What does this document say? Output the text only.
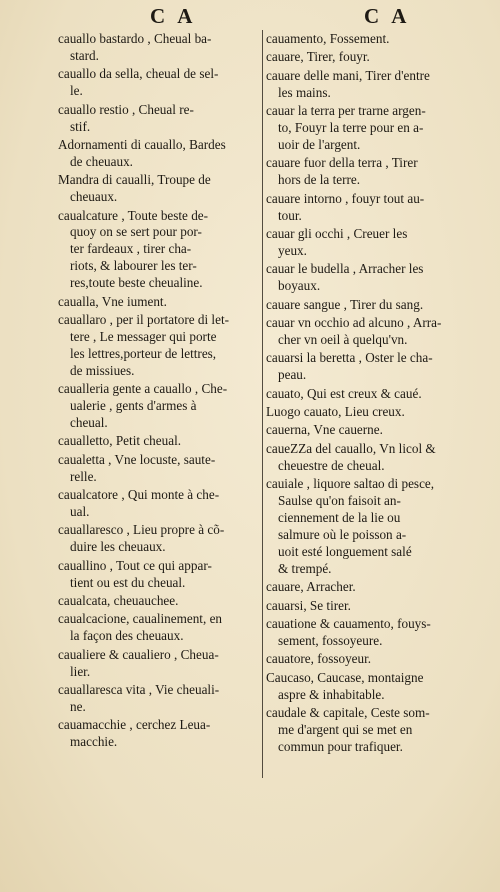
C A	C A
cauallo bastardo , Cheual ba-
stard.
cauallo da sella, cheual de sel-
le.
cauallo restio , Cheual re-
stif.
Adornamenti di cauallo, Bardes
de cheuaux.
Mandra di caualli, Troupe de
cheuaux.
caualcature , Toute beste de-
quoy on se sert pour por-
ter fardeaux , tirer cha-
riots, & labourer les ter-
res,toute beste cheualine.
caualla, Vne iument.
cauallaro , per il portatore di let-
tere , Le messager qui porte
les lettres,porteur de lettres,
de missiues.
caualleria gente a cauallo , Che-
ualerie , gents d'armes à
cheual.
caualletto, Petit cheual.
caualetta , Vne locuste, saute-
relle.
caualcatore , Qui monte à che-
ual.
cauallaresco , Lieu propre à cõ-
duire les cheuaux.
cauallino , Tout ce qui appar-
tient ou est du cheual.
caualcata, cheuauchee.
caualcacione, caualinement, en
la façon des cheuaux.
caualiere & caualiero , Cheua-
lier.
cauallaresca vita , Vie cheuali-
ne.
cauamacchie , cerchez Leua-
macchie.
cauamento, Fossement.
cauare, Tirer, fouyr.
cauare delle mani, Tirer d'entre
les mains.
cauar la terra per trarne argen-
to, Fouyr la terre pour en a-
uoir de l'argent.
cauare fuor della terra , Tirer
hors de la terre.
cauare intorno , fouyr tout au-
tour.
cauar gli occhi , Creuer les
yeux.
cauar le budella , Arracher les
boyaux.
cauare sangue , Tirer du sang.
cauar vn occhio ad alcuno , Arra-
cher vn oeil à quelqu'vn.
cauarsi la beretta , Oster le cha-
peau.
cauato, Qui est creux & caué.
Luogo cauato, Lieu creux.
cauerna, Vne cauerne.
caueZZa del cauallo, Vn licol &
cheuestre de cheual.
cauiale , liquore saltao di pesce,
Saulse qu'on faisoit an-
ciennement de la lie ou
salmure où le poisson a-
uoit esté longuement salé
& trempé.
cauare, Arracher.
cauarsi, Se tirer.
cauatione & cauamento, fouys-
sement, fossoyeure.
cauatore, fossoyeur.
Caucaso, Caucase, montaigne
aspre & inhabitable.
caudale & capitale, Ceste som-
me d'argent qui se met en
commun pour trafiquer.
